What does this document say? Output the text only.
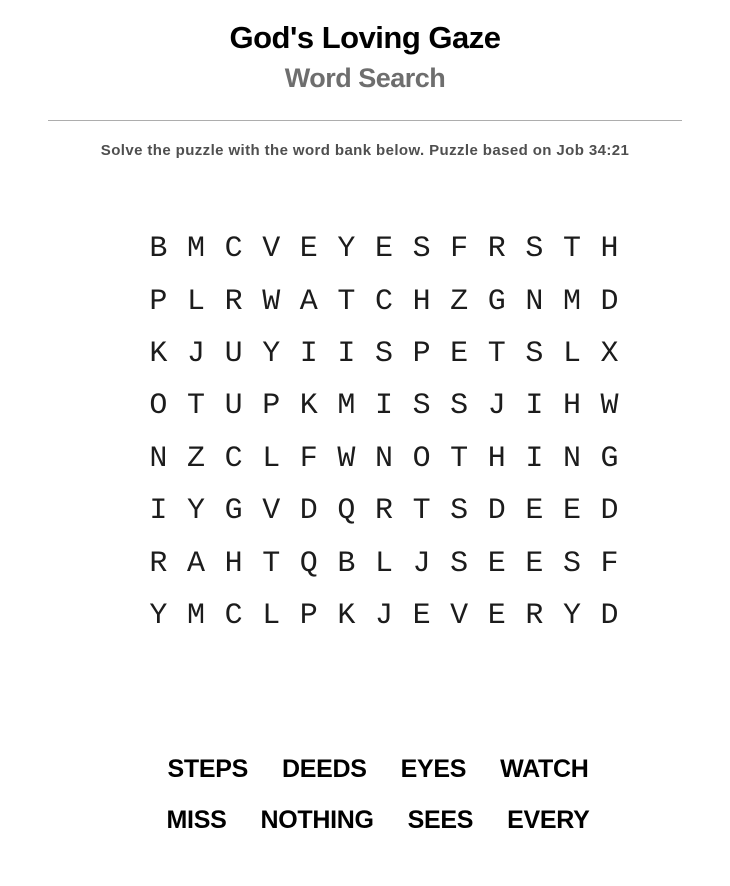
God's Loving Gaze
Word Search

Solve the puzzle with the word bank below. Puzzle based on Job 34:21

B M C V E Y E S F R S T H
P L R W A T C H Z G N M D
K J U Y I I S P E T S L X
O T U P K M I S S J I H W
N Z C L F W N O T H I N G
I Y G V D Q R T S D E E D
R A H T Q B L J S E E S F
Y M C L P K J E V E R Y D
STEPS DEEDS EYES WATCH
MISS NOTHING SEES EVERY
